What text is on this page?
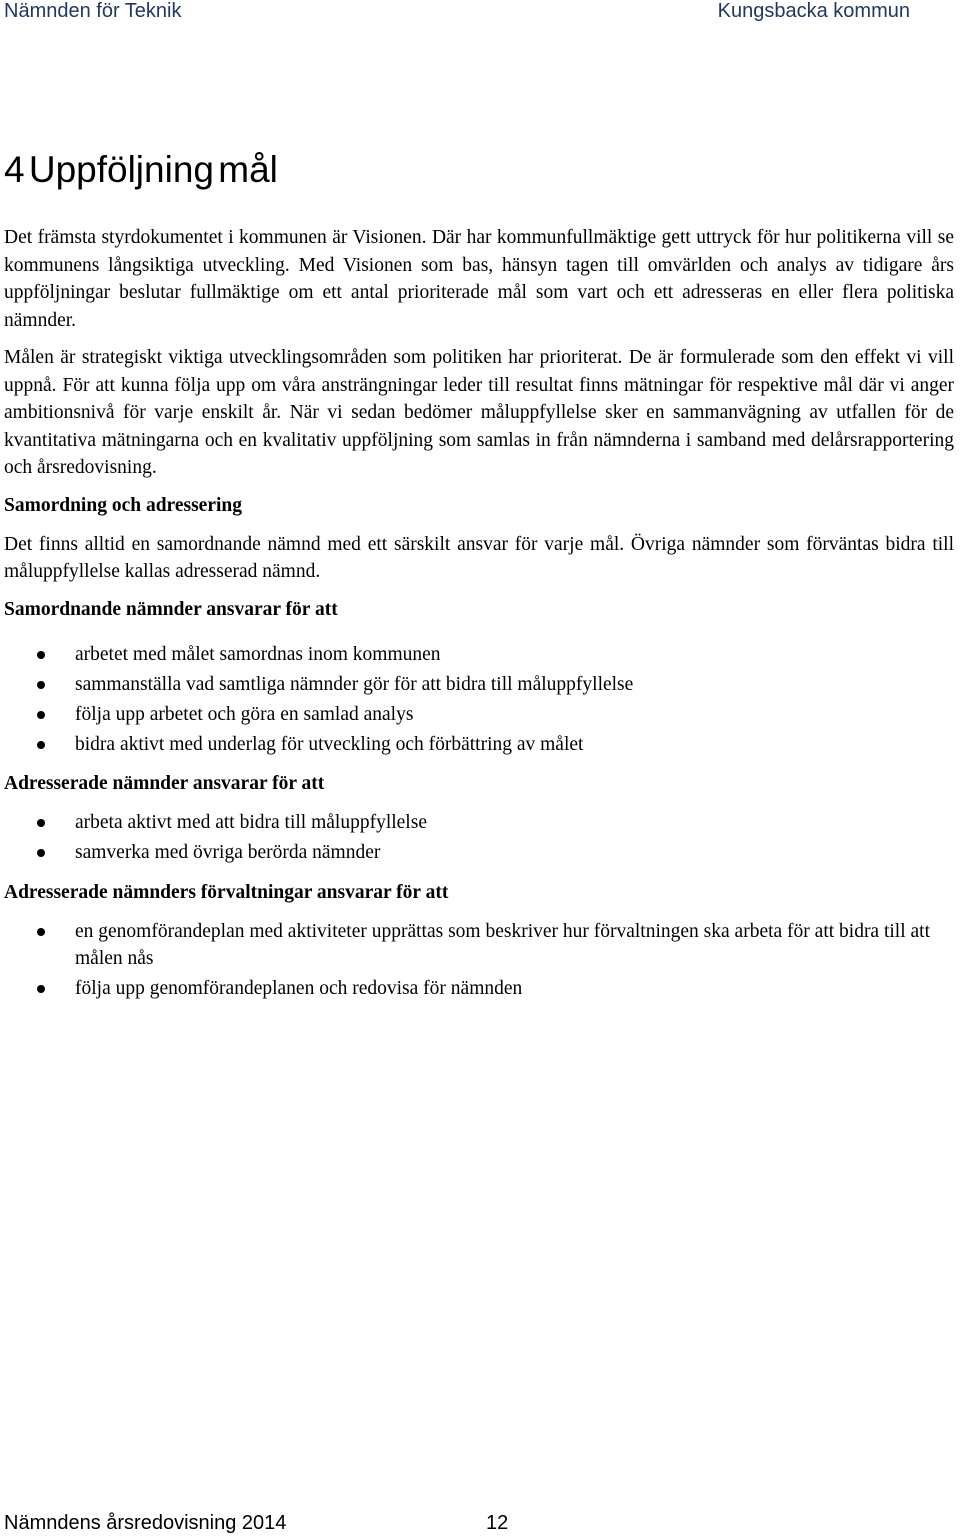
Nämnden för Teknik	Kungsbacka kommun
4 Uppföljning mål

Det främsta styrdokumentet i kommunen är Visionen. Där har kommunfullmäktige gett uttryck för hur politikerna vill se kommunens långsiktiga utveckling. Med Visionen som bas, hänsyn tagen till omvärlden och analys av tidigare års uppföljningar beslutar fullmäktige om ett antal prioriterade mål som vart och ett adresseras en eller flera politiska nämnder.

Målen är strategiskt viktiga utvecklingsområden som politiken har prioriterat. De är formulerade som den effekt vi vill uppnå. För att kunna följa upp om våra ansträngningar leder till resultat finns mätningar för respektive mål där vi anger ambitionsnivå för varje enskilt år. När vi sedan bedömer måluppfyllelse sker en sammanvägning av utfallen för de kvantitativa mätningarna och en kvalitativ uppföljning som samlas in från nämnderna i samband med delårsrapportering och årsredovisning.

Samordning och adressering

Det finns alltid en samordnande nämnd med ett särskilt ansvar för varje mål. Övriga nämnder som förväntas bidra till måluppfyllelse kallas adresserad nämnd.

Samordnande nämnder ansvarar för att
arbetet med målet samordnas inom kommunen
sammanställa vad samtliga nämnder gör för att bidra till måluppfyllelse
följa upp arbetet och göra en samlad analys
bidra aktivt med underlag för utveckling och förbättring av målet
Adresserade nämnder ansvarar för att
arbeta aktivt med att bidra till måluppfyllelse
samverka med övriga berörda nämnder
Adresserade nämnders förvaltningar ansvarar för att
en genomförandeplan med aktiviteter upprättas som beskriver hur förvaltningen ska arbeta för att bidra till att målen nås
följa upp genomförandeplanen och redovisa för nämnden
Nämndens årsredovisning 2014	12
